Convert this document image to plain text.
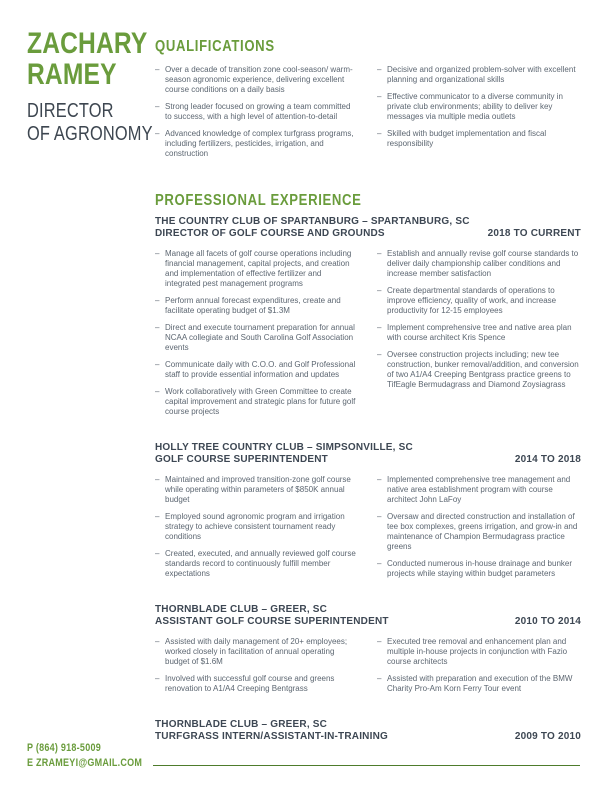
ZACHARY
RAMEY
DIRECTOR
OF AGRONOMY
QUALIFICATIONS
– Over a decade of transition zone cool-season/ warm-season agronomic experience, delivering excellent course conditions on a daily basis
– Strong leader focused on growing a team committed to success, with a high level of attention-to-detail
– Advanced knowledge of complex turfgrass programs, including fertilizers, pesticides, irrigation, and construction
– Decisive and organized problem-solver with excellent planning and organizational skills
– Effective communicator to a diverse community in private club environments; ability to deliver key messages via multiple media outlets
– Skilled with budget implementation and fiscal responsibility
PROFESSIONAL EXPERIENCE
THE COUNTRY CLUB OF SPARTANBURG – SPARTANBURG, SC
DIRECTOR OF GOLF COURSE AND GROUNDS	2018 TO CURRENT
– Manage all facets of golf course operations including financial management, capital projects, and creation and implementation of effective fertilizer and integrated pest management programs
– Perform annual forecast expenditures, create and facilitate operating budget of $1.3M
– Direct and execute tournament preparation for annual NCAA collegiate and South Carolina Golf Association events
– Communicate daily with C.O.O. and Golf Professional staff to provide essential information and updates
– Work collaboratively with Green Committee to create capital improvement and strategic plans for future golf course projects
– Establish and annually revise golf course standards to deliver daily championship caliber conditions and increase member satisfaction
– Create departmental standards of operations to improve efficiency, quality of work, and increase productivity for 12-15 employees
– Implement comprehensive tree and native area plan with course architect Kris Spence
– Oversee construction projects including; new tee construction, bunker removal/addition, and conversion of two A1/A4 Creeping Bentgrass practice greens to TifEagle Bermudagrass and Diamond Zoysiagrass
HOLLY TREE COUNTRY CLUB – SIMPSONVILLE, SC
GOLF COURSE SUPERINTENDENT	2014 TO 2018
– Maintained and improved transition-zone golf course while operating within parameters of $850K annual budget
– Employed sound agronomic program and irrigation strategy to achieve consistent tournament ready conditions
– Created, executed, and annually reviewed golf course standards record to continuously fulfill member expectations
– Implemented comprehensive tree management and native area establishment program with course architect John LaFoy
– Oversaw and directed construction and installation of tee box complexes, greens irrigation, and grow-in and maintenance of Champion Bermudagrass practice greens
– Conducted numerous in-house drainage and bunker projects while staying within budget parameters
THORNBLADE CLUB – GREER, SC
ASSISTANT GOLF COURSE SUPERINTENDENT	2010 TO 2014
– Assisted with daily management of 20+ employees; worked closely in facilitation of annual operating budget of $1.6M
– Involved with successful golf course and greens renovation to A1/A4 Creeping Bentgrass
– Executed tree removal and enhancement plan and multiple in-house projects in conjunction with Fazio course architects
– Assisted with preparation and execution of the BMW Charity Pro-Am Korn Ferry Tour event
THORNBLADE CLUB – GREER, SC
TURFGRASS INTERN/ASSISTANT-IN-TRAINING	2009 TO 2010
P (864) 918-5009
E ZRAMEYI@GMAIL.COM
